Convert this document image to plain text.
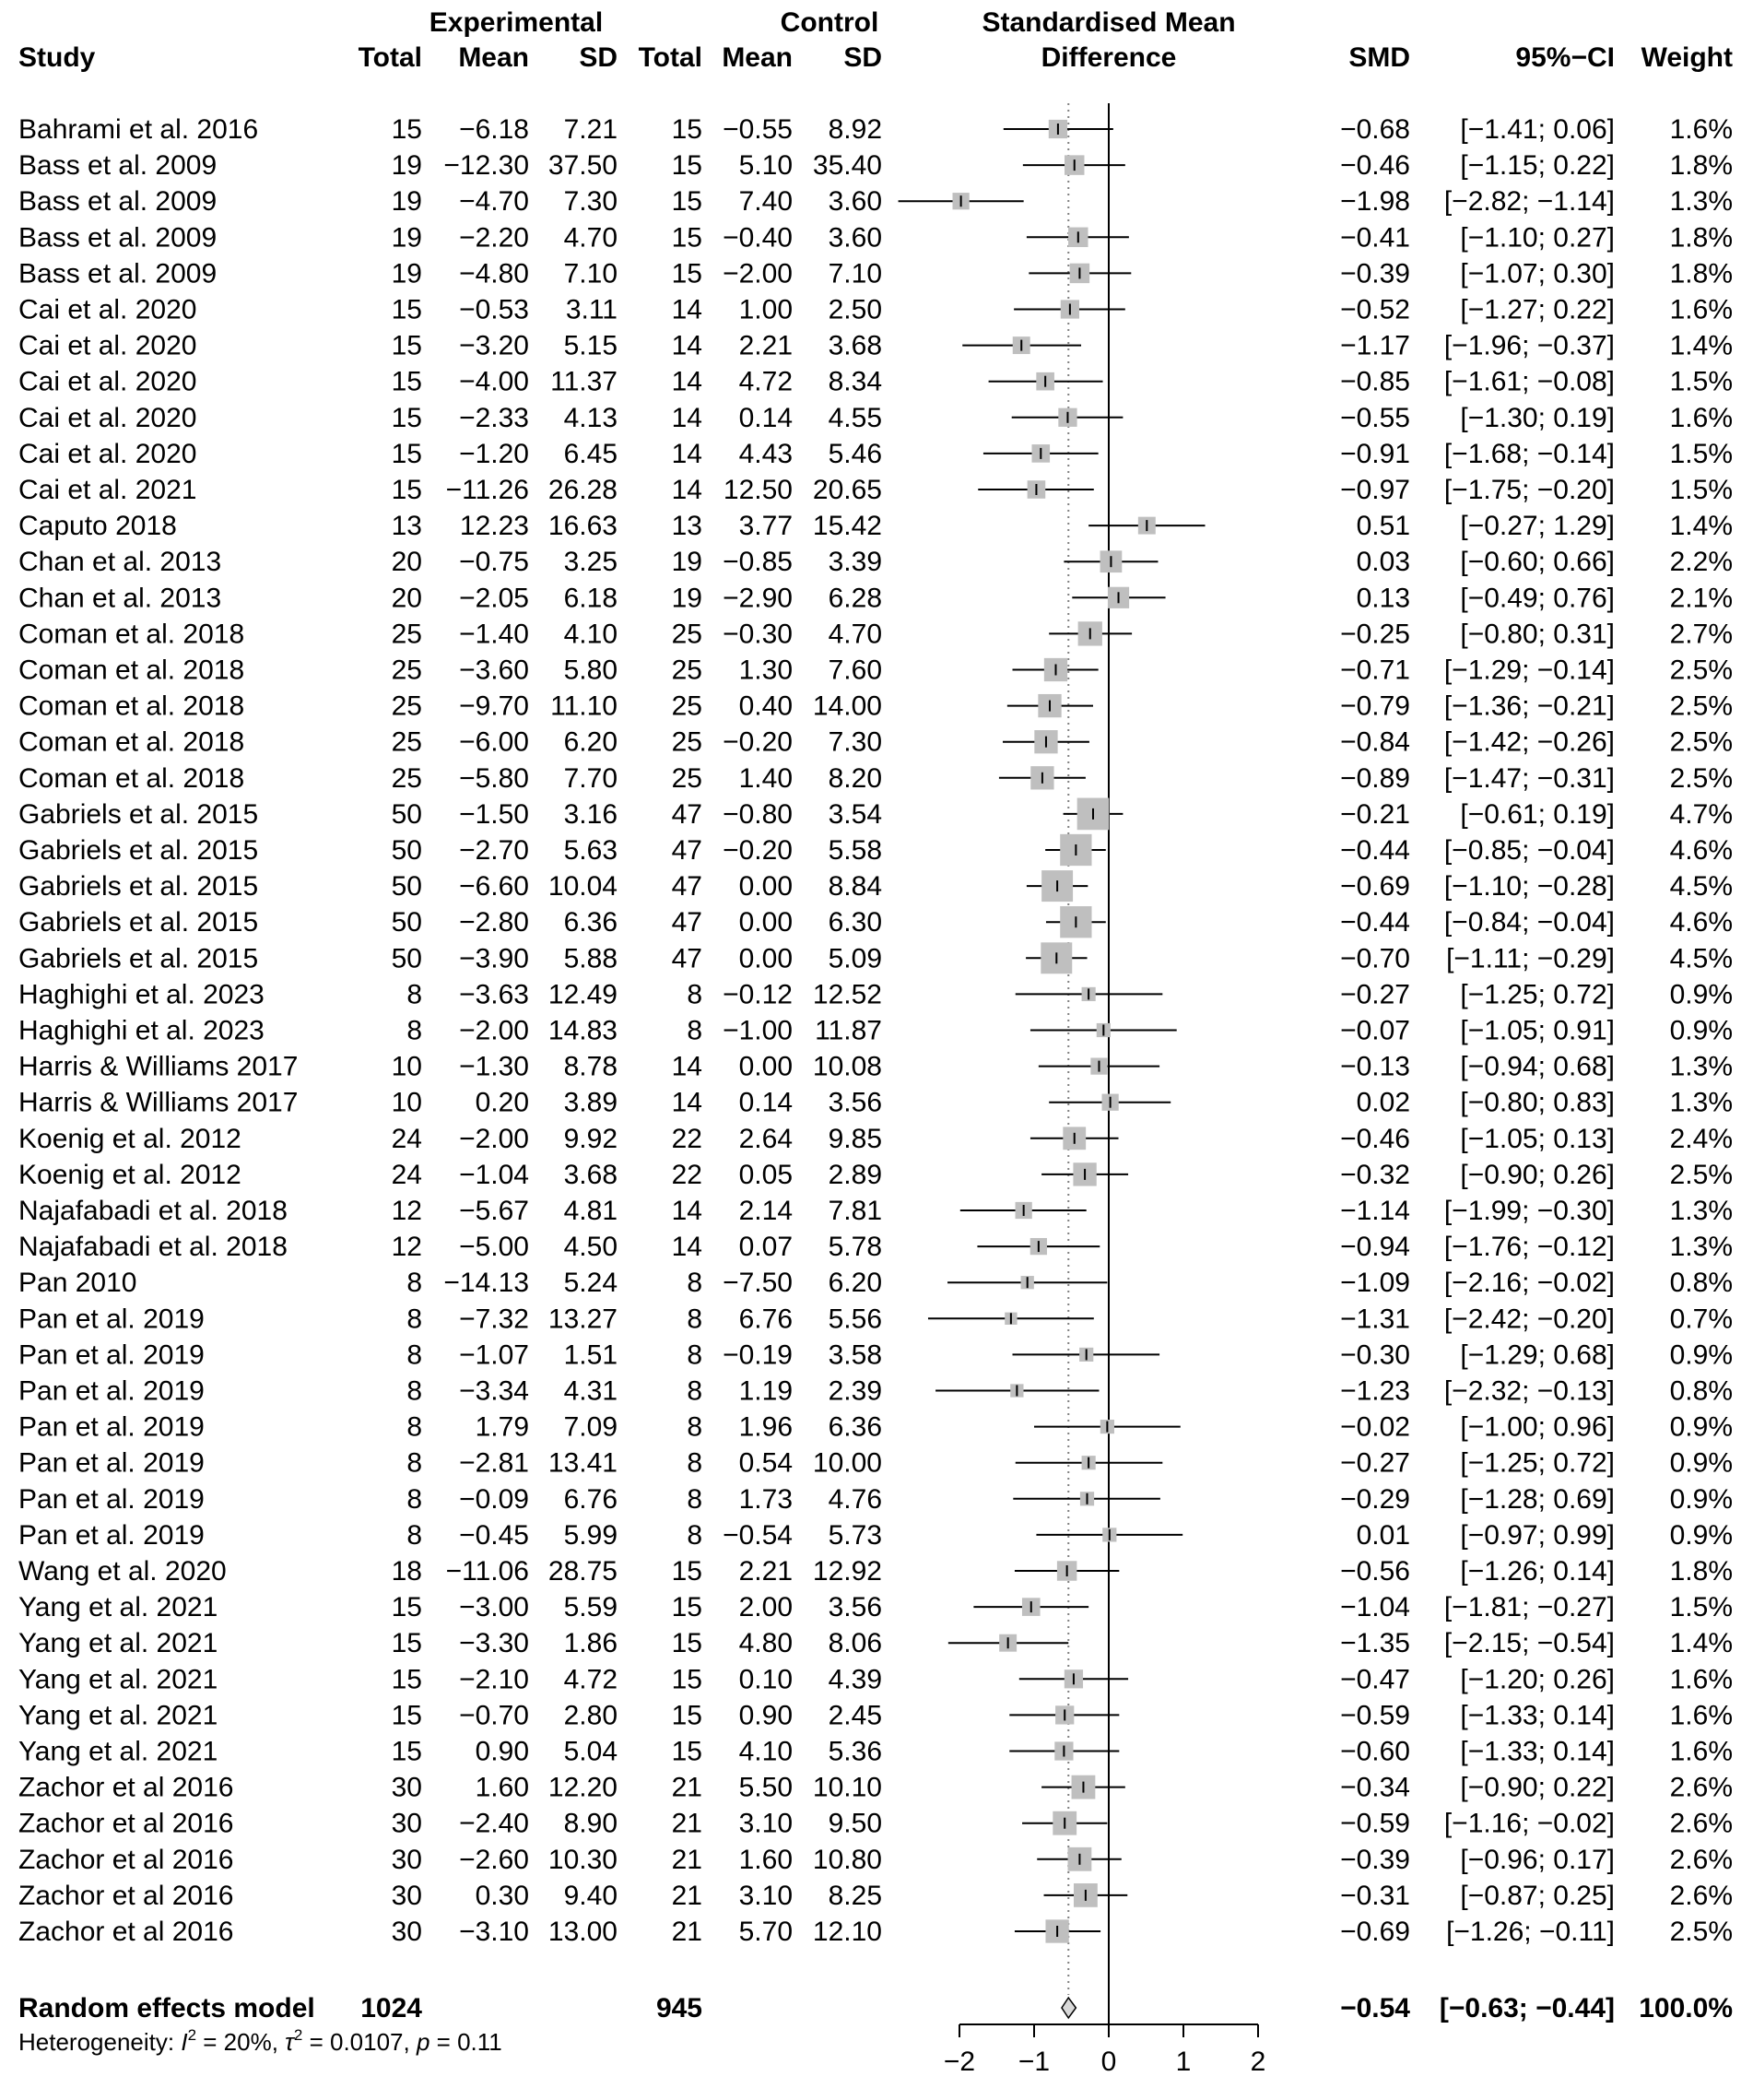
Experimental	Control	Standardised Mean
Difference
Study	Total Mean SD Total Mean SD	SMD	95%−CI Weight
Bahrami et al. 2016	15 −6.18 7.21 15 −0.55 8.92	−0.68 [−1.41; 0.06] 1.6%
Bass et al. 2009	19 −12.30 37.50 15 5.10 35.40	−0.46 [−1.15; 0.22] 1.8%
Bass et al. 2009	19 −4.70 7.30 15 7.40 3.60	−1.98 [−2.82; −1.14] 1.3%
Bass et al. 2009	19 −2.20 4.70 15 −0.40 3.60	−0.41 [−1.10; 0.27] 1.8%
Bass et al. 2009	19 −4.80 7.10 15 −2.00 7.10	−0.39 [−1.07; 0.30] 1.8%
Cai et al. 2020	15 −0.53 3.11 14 1.00 2.50	−0.52 [−1.27; 0.22] 1.6%
Cai et al. 2020	15 −3.20 5.15 14 2.21 3.68	−1.17 [−1.96; −0.37] 1.4%
Cai et al. 2020	15 −4.00 11.37 14 4.72 8.34	−0.85 [−1.61; −0.08] 1.5%
Cai et al. 2020	15 −2.33 4.13 14 0.14 4.55	−0.55 [−1.30; 0.19] 1.6%
Cai et al. 2020	15 −1.20 6.45 14 4.43 5.46	−0.91 [−1.68; −0.14] 1.5%
Cai et al. 2021	15 −11.26 26.28 14 12.50 20.65	−0.97 [−1.75; −0.20] 1.5%
Caputo 2018	13 12.23 16.63 13 3.77 15.42	0.51 [−0.27; 1.29] 1.4%
Chan et al. 2013	20 −0.75 3.25 19 −0.85 3.39	0.03 [−0.60; 0.66] 2.2%
Chan et al. 2013	20 −2.05 6.18 19 −2.90 6.28	0.13 [−0.49; 0.76] 2.1%
Coman et al. 2018	25 −1.40 4.10 25 −0.30 4.70	−0.25 [−0.80; 0.31] 2.7%
Coman et al. 2018	25 −3.60 5.80 25 1.30 7.60	−0.71 [−1.29; −0.14] 2.5%
Coman et al. 2018	25 −9.70 11.10 25 0.40 14.00	−0.79 [−1.36; −0.21] 2.5%
Coman et al. 2018	25 −6.00 6.20 25 −0.20 7.30	−0.84 [−1.42; −0.26] 2.5%
Coman et al. 2018	25 −5.80 7.70 25 1.40 8.20	−0.89 [−1.47; −0.31] 2.5%
Gabriels et al. 2015	50 −1.50 3.16 47 −0.80 3.54	−0.21 [−0.61; 0.19] 4.7%
Gabriels et al. 2015	50 −2.70 5.63 47 −0.20 5.58	−0.44 [−0.85; −0.04] 4.6%
Gabriels et al. 2015	50 −6.60 10.04 47 0.00 8.84	−0.69 [−1.10; −0.28] 4.5%
Gabriels et al. 2015	50 −2.80 6.36 47 0.00 6.30	−0.44 [−0.84; −0.04] 4.6%
Gabriels et al. 2015	50 −3.90 5.88 47 0.00 5.09	−0.70 [−1.11; −0.29] 4.5%
Haghighi et al. 2023	8 −3.63 12.49	8 −0.12 12.52	−0.27 [−1.25; 0.72] 0.9%
Haghighi et al. 2023	8 −2.00 14.83	8 −1.00 11.87	−0.07 [−1.05; 0.91] 0.9%
Harris & Williams 2017	10 −1.30 8.78 14 0.00 10.08	−0.13 [−0.94; 0.68] 1.3%
Harris & Williams 2017	10 0.20 3.89 14 0.14 3.56	0.02 [−0.80; 0.83] 1.3%
Koenig et al. 2012	24 −2.00 9.92 22 2.64 9.85	−0.46 [−1.05; 0.13] 2.4%
Koenig et al. 2012	24 −1.04 3.68 22 0.05 2.89	−0.32 [−0.90; 0.26] 2.5%
Najafabadi et al. 2018	12 −5.67 4.81 14 2.14 7.81	−1.14 [−1.99; −0.30] 1.3%
Najafabadi et al. 2018	12 −5.00 4.50 14 0.07 5.78	−0.94 [−1.76; −0.12] 1.3%
Pan 2010	8 −14.13 5.24	8 −7.50 6.20	−1.09 [−2.16; −0.02] 0.8%
Pan et al. 2019	8 −7.32 13.27	8 6.76 5.56	−1.31 [−2.42; −0.20] 0.7%
Pan et al. 2019	8 −1.07 1.51	8 −0.19 3.58	−0.30 [−1.29; 0.68] 0.9%
Pan et al. 2019	8 −3.34 4.31	8 1.19 2.39	−1.23 [−2.32; −0.13] 0.8%
Pan et al. 2019	8 1.79 7.09	8 1.96 6.36	−0.02 [−1.00; 0.96] 0.9%
Pan et al. 2019	8 −2.81 13.41	8 0.54 10.00	−0.27 [−1.25; 0.72] 0.9%
Pan et al. 2019	8 −0.09 6.76	8 1.73 4.76	−0.29 [−1.28; 0.69] 0.9%
Pan et al. 2019	8 −0.45 5.99	8 −0.54 5.73	0.01 [−0.97; 0.99] 0.9%
Wang et al. 2020	18 −11.06 28.75 15 2.21 12.92	−0.56 [−1.26; 0.14] 1.8%
Yang et al. 2021	15 −3.00 5.59 15 2.00 3.56	−1.04 [−1.81; −0.27] 1.5%
Yang et al. 2021	15 −3.30 1.86 15 4.80 8.06	−1.35 [−2.15; −0.54] 1.4%
Yang et al. 2021	15 −2.10 4.72 15 0.10 4.39	−0.47 [−1.20; 0.26] 1.6%
Yang et al. 2021	15 −0.70 2.80 15 0.90 2.45	−0.59 [−1.33; 0.14] 1.6%
Yang et al. 2021	15 0.90 5.04 15 4.10 5.36	−0.60 [−1.33; 0.14] 1.6%
Zachor et al 2016	30 1.60 12.20 21 5.50 10.10	−0.34 [−0.90; 0.22] 2.6%
Zachor et al 2016	30 −2.40 8.90 21 3.10 9.50	−0.59 [−1.16; −0.02] 2.6%
Zachor et al 2016	30 −2.60 10.30 21 1.60 10.80	−0.39 [−0.96; 0.17] 2.6%
Zachor et al 2016	30 0.30 9.40 21 3.10 8.25	−0.31 [−0.87; 0.25] 2.6%
Zachor et al 2016	30 −3.10 13.00 21 5.70 12.10	−0.69 [−1.26; −0.11] 2.5%
Random effects model 1024	945	−0.54 [−0.63; −0.44] 100.0%
Heterogeneity: $I^2 = 20\%$, $\tau^2 = 0.0107$, p = 0.11
−2 −1 0 1 2
